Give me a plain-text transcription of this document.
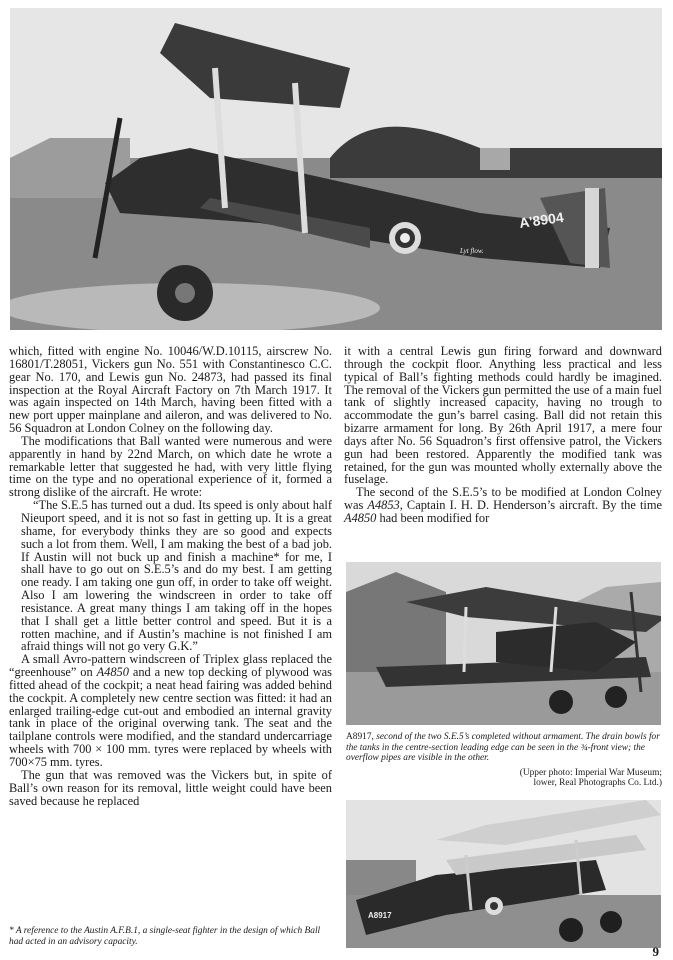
A'8904
Lyt flow.

which, fitted with engine No. 10046/W.D.10115, airscrew No. 16801/T.28051, Vickers gun No. 551 with Constantinesco C.C. gear No. 170, and Lewis gun No. 24873, had passed its final inspection at the Royal Aircraft Factory on 7th March 1917. It was again inspected on 14th March, having been fitted with a new port upper mainplane and aileron, and was delivered to No. 56 Squadron at London Colney on the following day.

The modifications that Ball wanted were numerous and were apparently in hand by 22nd March, on which date he wrote a remarkable letter that suggested he had, with very little flying time on the type and no operational experience of it, formed a strong dislike of the aircraft. He wrote:

“The S.E.5 has turned out a dud. Its speed is only about half Nieuport speed, and it is not so fast in getting up. It is a great shame, for everybody thinks they are so good and expects such a lot from them. Well, I am making the best of a bad job. If Austin will not buck up and finish a machine* for me, I shall have to go out on S.E.5’s and do my best. I am getting one ready. I am taking one gun off, in order to take off weight. Also I am lowering the windscreen in order to take off resistance. A great many things I am taking off in the hopes that I shall get a little better control and speed. But it is a rotten machine, and if Austin’s machine is not finished I am afraid things will not go very G.K.”

A small Avro-pattern windscreen of Triplex glass replaced the “greenhouse” on A4850 and a new top decking of plywood was fitted ahead of the cockpit; a neat head fairing was added behind the cockpit. A completely new centre section was fitted: it had an enlarged trailing-edge cut-out and embodied an internal gravity tank in place of the original overwing tank. The seat and the tailplane controls were modified, and the standard undercarriage wheels with 700 × 100 mm. tyres were replaced by wheels with 700×75 mm. tyres.

The gun that was removed was the Vickers but, in spite of Ball’s own reason for its removal, little weight could have been saved because he replaced

* A reference to the Austin A.F.B.1, a single-seat fighter in the design of which Ball had acted in an advisory capacity.

it with a central Lewis gun firing forward and downward through the cockpit floor. Anything less practical and less typical of Ball’s fighting methods could hardly be imagined. The removal of the Vickers gun permitted the use of a main fuel tank of slightly increased capacity, having no trough to accommodate the gun’s barrel casing. Ball did not retain this bizarre armament for long. By 26th April 1917, a mere four days after No. 56 Squadron’s first offensive patrol, the Vickers gun had been restored. Apparently the modified tank was retained, for the gun was mounted wholly externally above the fuselage.

The second of the S.E.5’s to be modified at London Colney was A4853, Captain I. H. D. Henderson’s aircraft. By the time A4850 had been modified for

A8917, second of the two S.E.5’s completed without armament. The drain bowls for the tanks in the centre-section leading edge can be seen in the ¾-front view; the overflow pipes are visible in the other.
(Upper photo: Imperial War Museum;
lower, Real Photographs Co. Ltd.)
A8917
9
